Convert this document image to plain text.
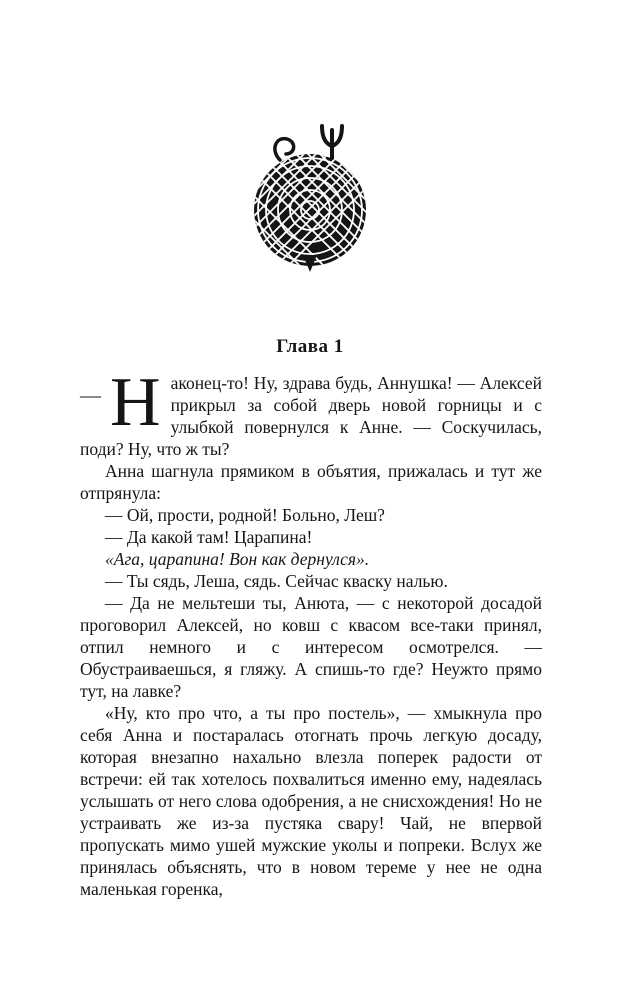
Глава 1

— Н аконец-то! Ну, здрава будь, Аннушка! — Алексей прикрыл за собой дверь новой горницы и с улыбкой повернулся к Анне. — Соскучилась, поди? Ну, что ж ты?

Анна шагнула прямиком в объятия, прижалась и тут же отпрянула:

— Ой, прости, родной! Больно, Леш?

— Да какой там! Царапина!

«Ага, царапина! Вон как дернулся».

— Ты сядь, Леша, сядь. Сейчас кваску налью.

— Да не мельтеши ты, Анюта, — с некоторой досадой проговорил Алексей, но ковш с квасом все-таки принял, отпил немного и с интересом осмотрелся. — Обустраиваешься, я гляжу. А спишь-то где? Неужто прямо тут, на лавке?

«Ну, кто про что, а ты про постель», — хмыкнула про себя Анна и постаралась отогнать прочь легкую досаду, которая внезапно нахально влезла поперек радости от встречи: ей так хотелось похвалиться именно ему, надеялась услышать от него слова одобрения, а не снисхождения! Но не устраивать же из-за пустяка свару! Чай, не впервой пропускать мимо ушей мужские уколы и попреки. Вслух же принялась объяснять, что в новом тереме у нее не одна маленькая горенка,
